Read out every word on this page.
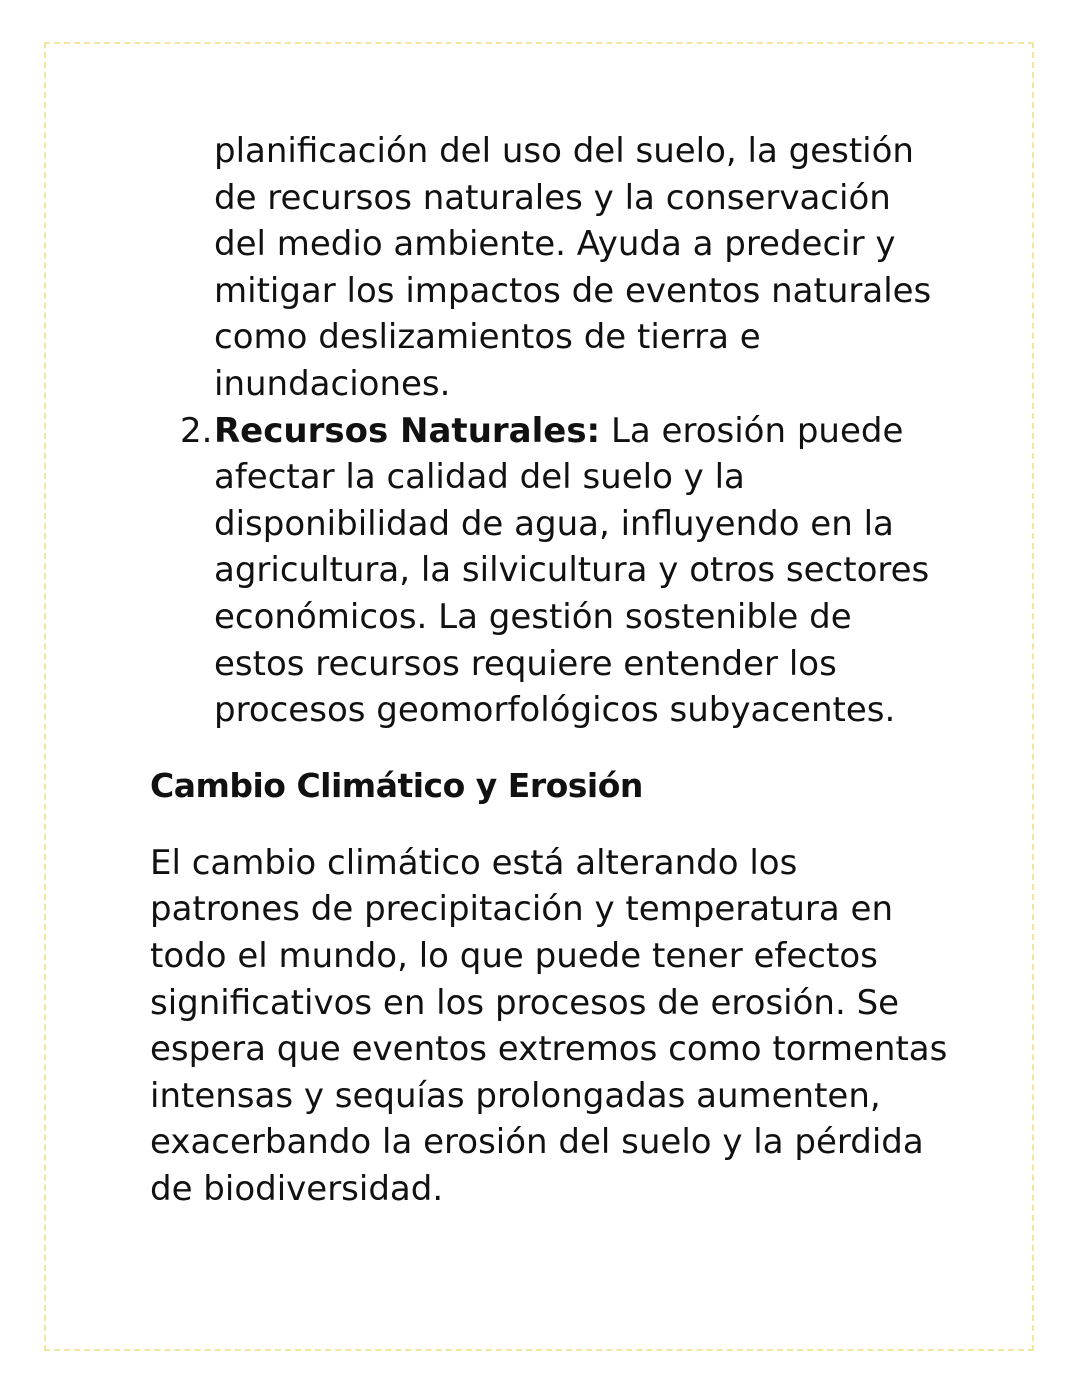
planificación del uso del suelo, la gestión de recursos naturales y la conservación del medio ambiente. Ayuda a predecir y mitigar los impactos de eventos naturales como deslizamientos de tierra e inundaciones.

2. Recursos Naturales: La erosión puede afectar la calidad del suelo y la disponibilidad de agua, influyendo en la agricultura, la silvicultura y otros sectores económicos. La gestión sostenible de estos recursos requiere entender los procesos geomorfológicos subyacentes.

Cambio Climático y Erosión

El cambio climático está alterando los patrones de precipitación y temperatura en todo el mundo, lo que puede tener efectos significativos en los procesos de erosión. Se espera que eventos extremos como tormentas intensas y sequías prolongadas aumenten, exacerbando la erosión del suelo y la pérdida de biodiversidad.
